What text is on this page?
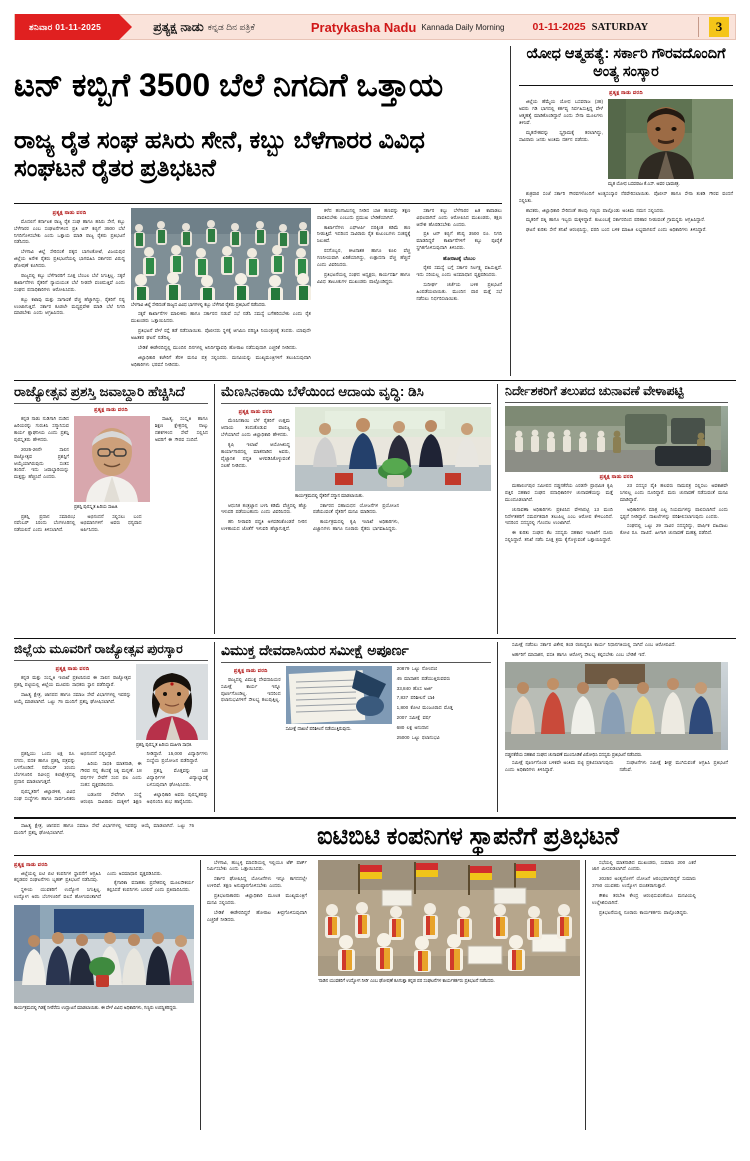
ಶನಿವಾರ 01-11-2025	ಪ್ರತ್ಯಕ್ಷ ನಾಡು ಕನ್ನಡ ದಿನ ಪತ್ರಿಕೆ	Pratykasha Nadu Kannada Daily Morning	01-11-2025 SATURDAY	3
ಟನ್ ಕಬ್ಬಿಗೆ 3500 ಬೆಲೆ ನಿಗದಿಗೆ ಒತ್ತಾಯ
ರಾಜ್ಯ ರೈತ ಸಂಘ ಹಸಿರು ಸೇನೆ, ಕಬ್ಬು ಬೆಳೆಗಾರರ ವಿವಿಧ ಸಂಘಟನೆ ರೈತರ ಪ್ರತಿಭಟನೆ
ಪ್ರತ್ಯಕ್ಷ ನಾಡು ವರದಿ

ಮೊದಲಿಗೆ ಕರ್ನಾಟಕ ರಾಜ್ಯ ರೈತ ಸಂಘ ಹಾಗೂ ಹಸಿರು ಸೇನೆ, ಕಬ್ಬು ಬೆಳೆಗಾರರ ಎಂಬ ಸಂಘಟನೆಗಳಿಂದ ಪ್ರತಿ ಟನ್ ಕಬ್ಬಿಗೆ 3500 ಬೆಲೆ ನಿಗದಿಗೊಳಿಸಬೇಕು ಎಂದು ಒತ್ತಾಯ ಮಾಡಿ ರಾಜ್ಯ ರೈತರು ಪ್ರತಿಭಟನೆ ನಡೆಸಿದರು.

ಬೆಳಗಾವಿ ಜಿಲ್ಲೆ ಸೇರಿದಂತೆ ಪಕ್ಕದ ಬಾಗಲಕೋಟೆ, ವಿಜಯಪುರ ಜಿಲ್ಲೆಯ ಅನೇಕ ರೈತರು ಪ್ರತಿಭಟನೆಯಲ್ಲಿ ಭಾಗವಹಿಸಿ ಸರ್ಕಾರದ ವಿರುದ್ಧ ಘೋಷಣೆ ಕೂಗಿದರು.

ರಾಜ್ಯದಲ್ಲಿ ಕಬ್ಬು ಬೆಳೆಗಾರರಿಗೆ ಸೂಕ್ತ ಬೆಂಬಲ ಬೆಲೆ ಸಿಗುತ್ತಿಲ್ಲ. ಸಕ್ಕರೆ ಕಾರ್ಖಾನೆಗಳು ರೈತರಿಗೆ ನ್ಯಾಯಯುತ ಬೆಲೆ ನೀಡದೇ ವಂಚಿಸುತ್ತಿವೆ ಎಂದು ಸಂಘದ ಪದಾಧಿಕಾರಿಗಳು ಆರೋಪಿಸಿದರು.

ಕಬ್ಬು ಕಟಾವು ಮತ್ತು ಸಾಗಾಣಿಕೆ ವೆಚ್ಚ ಹೆಚ್ಚಾಗಿದ್ದು, ರೈತರಿಗೆ ನಷ್ಟ ಉಂಟಾಗುತ್ತಿದೆ. ಸರ್ಕಾರ ಕೂಡಲೇ ಮಧ್ಯಪ್ರವೇಶ ಮಾಡಿ ಬೆಲೆ ನಿಗದಿ ಮಾಡಬೇಕು ಎಂದು ಆಗ್ರಹಿಸಿದರು.

ಬೆಳಗಾವಿ ಜಿಲ್ಲೆ ಸೇರಿದಂತೆ ರಾಜ್ಯದ ವಿವಿಧ ಭಾಗಗಳಲ್ಲಿ ಕಬ್ಬು ಬೆಳೆಗಾರ ರೈತರು ಪ್ರತಿಭಟನೆ ನಡೆಸಿದರು.

ಸಕ್ಕರೆ ಕಾರ್ಖಾನೆಗಳ ಮಾಲೀಕರು ಹಾಗೂ ಸರ್ಕಾರದ ನಡುವೆ ಸಭೆ ನಡೆಸಿ ಸಮಸ್ಯೆ ಬಗೆಹರಿಸಬೇಕು ಎಂದು ರೈತ ಮುಖಂಡರು ಒತ್ತಾಯಿಸಿದರು.

ಪ್ರತಿಭಟನೆ ವೇಳೆ ರಸ್ತೆ ತಡೆ ನಡೆಸಲಾಯಿತು. ಪೊಲೀಸರು ಸ್ಥಳಕ್ಕೆ ಆಗಮಿಸಿ ಪರಿಸ್ಥಿತಿ ನಿಯಂತ್ರಣಕ್ಕೆ ತಂದರು. ಯಾವುದೇ ಅಹಿತಕರ ಘಟನೆ ನಡೆದಿಲ್ಲ.

ಬೇಡಿಕೆ ಈಡೇರದಿದ್ದಲ್ಲಿ ಮುಂದಿನ ದಿನಗಳಲ್ಲಿ ಅನಿರ್ದಿಷ್ಟಾವಧಿ ಹೋರಾಟ ನಡೆಸುವುದಾಗಿ ಎಚ್ಚರಿಕೆ ನೀಡಿದರು.

ಜಿಲ್ಲಾಧಿಕಾರಿ ಕಚೇರಿಗೆ ತೆರಳಿ ಮನವಿ ಪತ್ರ ಸಲ್ಲಿಸಿದರು. ಮನವಿಯನ್ನು ಮುಖ್ಯಮಂತ್ರಿಗಳಿಗೆ ತಲುಪಿಸುವುದಾಗಿ ಅಧಿಕಾರಿಗಳು ಭರವಸೆ ನೀಡಿದರು.

ಕಳೆದ ಹಂಗಾಮಿನಲ್ಲಿ ನೀಡಿದ ಬಾಕಿ ಹಣವನ್ನು ತಕ್ಷಣ ಪಾವತಿಸಬೇಕು ಎಂಬುದು ಪ್ರಮುಖ ಬೇಡಿಕೆಯಾಗಿದೆ.

ಕಾರ್ಖಾನೆಗಳು ಎಫ್ಆರ್ಪಿ ದರಕ್ಕಿಂತ ಕಡಿಮೆ ಹಣ ನೀಡುತ್ತಿವೆ. ಇದರಿಂದ ಸಾವಿರಾರು ರೈತ ಕುಟುಂಬಗಳು ಸಂಕಷ್ಟಕ್ಕೆ ಸಿಲುಕಿವೆ.

ರಸಗೊಬ್ಬರ, ಕೀಟನಾಶಕ ಹಾಗೂ ಕೂಲಿ ವೆಚ್ಚ ಗಣನೀಯವಾಗಿ ಏರಿಕೆಯಾಗಿದ್ದು, ಉತ್ಪಾದನಾ ವೆಚ್ಚ ಹೆಚ್ಚಿದೆ ಎಂದು ವಿವರಿಸಿದರು.

ಪ್ರತಿಭಟನೆಯಲ್ಲಿ ಸಂಘದ ಅಧ್ಯಕ್ಷರು, ಕಾರ್ಯದರ್ಶಿ ಹಾಗೂ ವಿವಿಧ ತಾಲೂಕುಗಳ ಮುಖಂಡರು ಪಾಲ್ಗೊಂಡಿದ್ದರು.

ಸರ್ಕಾರ ಕಬ್ಬು ಬೆಳೆಗಾರರ ಹಿತ ಕಾಪಾಡಲು ವಿಫಲವಾಗಿದೆ ಎಂದು ಆರೋಪಿಸಿದ ಮುಖಂಡರು, ತಕ್ಷಣ ಆದೇಶ ಹೊರಡಿಸಬೇಕು ಎಂದರು.

ಪ್ರತಿ ಟನ್ ಕಬ್ಬಿಗೆ ಕನಿಷ್ಠ 3500 ರೂ. ನಿಗದಿ ಮಾಡದಿದ್ದರೆ ಕಾರ್ಖಾನೆಗಳಿಗೆ ಕಬ್ಬು ಪೂರೈಕೆ ಸ್ಥಗಿತಗೊಳಿಸುವುದಾಗಿ ತಿಳಿಸಿದರು.

ಹೋರಾಟಕ್ಕೆ ಬೆಂಬಲ

ರೈತರ ಸಮಸ್ಯೆ ಬಗ್ಗೆ ಸರ್ಕಾರ ನಿರ್ಲಕ್ಷ್ಯ ವಹಿಸುತ್ತಿದೆ. ಇದು ಸರಿಯಲ್ಲ ಎಂದು ಅಸಮಾಧಾನ ವ್ಯಕ್ತಪಡಿಸಿದರು.

ಸುದೀರ್ಘ ಚರ್ಚೆಯ ಬಳಿಕ ಪ್ರತಿಭಟನೆ ಹಿಂಪಡೆಯಲಾಯಿತು. ಮುಂದಿನ ವಾರ ಮತ್ತೆ ಸಭೆ ನಡೆಸಲು ನಿರ್ಧರಿಸಲಾಯಿತು.

ಯೋಧ ಆತ್ಮಹತ್ಯೆ: ಸರ್ಕಾರಿ ಗೌರವದೊಂದಿಗೆ ಅಂತ್ಯ ಸಂಸ್ಕಾರ
ಪ್ರತ್ಯಕ್ಷ ನಾಡು ವರದಿ

ಜಿಲ್ಲೆಯ ಹೆಮ್ಮೆಯ ಯೋಧ ಬಸವರಾಜ (38) ಅವರು ಗಡಿ ಭಾಗದಲ್ಲಿ ಕರ್ತವ್ಯ ನಿರ್ವಹಿಸುತ್ತಿದ್ದ ವೇಳೆ ಆತ್ಮಹತ್ಯೆ ಮಾಡಿಕೊಂಡಿದ್ದಾರೆ ಎಂದು ಸೇನಾ ಮೂಲಗಳು ತಿಳಿಸಿವೆ.

ಮೃತದೇಹವನ್ನು ಸ್ವಗ್ರಾಮಕ್ಕೆ ತರಲಾಗಿದ್ದು, ಸಾವಿರಾರು ಜನರು ಅಂತಿಮ ದರ್ಶನ ಪಡೆದರು.

ಮೃತ ಯೋಧ ಬಸವರಾಜ ಕೆ.ಎಸ್. ಅವರ ಭಾವಚಿತ್ರ.

ಶುಕ್ರವಾರ ಸಂಜೆ ಸರ್ಕಾರಿ ಗೌರವಗಳೊಂದಿಗೆ ಅಂತ್ಯಸಂಸ್ಕಾರ ನೆರವೇರಿಸಲಾಯಿತು. ಪೊಲೀಸ್ ಹಾಗೂ ಸೇನಾ ತುಕಡಿ ಗೌರವ ವಂದನೆ ಸಲ್ಲಿಸಿತು.

ಶಾಸಕರು, ಜಿಲ್ಲಾಧಿಕಾರಿ ಸೇರಿದಂತೆ ಹಲವು ಗಣ್ಯರು ಪಾಲ್ಗೊಂಡು ಅಂತಿಮ ನಮನ ಸಲ್ಲಿಸಿದರು.

ಮೃತರಿಗೆ ಪತ್ನಿ ಹಾಗೂ ಇಬ್ಬರು ಮಕ್ಕಳಿದ್ದಾರೆ. ಕುಟುಂಬಕ್ಕೆ ಸರ್ಕಾರದಿಂದ ಪರಿಹಾರ ನೀಡುವಂತೆ ಗ್ರಾಮಸ್ಥರು ಆಗ್ರಹಿಸಿದ್ದಾರೆ.

ಘಟನೆ ಕುರಿತು ಸೇನೆ ತನಿಖೆ ಆರಂಭಿಸಿದ್ದು, ವರದಿ ಬಂದ ಬಳಿಕ ಮಾಹಿತಿ ಲಭ್ಯವಾಗಲಿದೆ ಎಂದು ಅಧಿಕಾರಿಗಳು ತಿಳಿಸಿದ್ದಾರೆ.

ರಾಜ್ಯೋತ್ಸವ ಪ್ರಶಸ್ತಿ ಜವಾಬ್ದಾರಿ ಹೆಚ್ಚಿಸಿದೆ
ಪ್ರತ್ಯಕ್ಷ ನಾಡು ವರದಿ

ಕನ್ನಡ ನಾಡು ನುಡಿಗಾಗಿ ದುಡಿದ ಹಿರಿಯರನ್ನು ಗುರುತಿಸಿ ಸನ್ಮಾನಿಸುವ ಕಾರ್ಯ ಶ್ಲಾಘನೀಯ ಎಂದು ಪ್ರಶಸ್ತಿ ಪುರಸ್ಕೃತರು ಹೇಳಿದರು.

2025-26ನೇ ಸಾಲಿನ ರಾಜ್ಯೋತ್ಸವ ಪ್ರಶಸ್ತಿಗೆ ಆಯ್ಕೆಯಾಗಿರುವುದು ಸಂತಸ ತಂದಿದೆ. ಇದು ಜವಾಬ್ದಾರಿಯನ್ನು ಮತ್ತಷ್ಟು ಹೆಚ್ಚಿಸಿದೆ ಎಂದರು.

ಪ್ರಶಸ್ತಿ ಪುರಸ್ಕೃತ ಹಿರಿಯ ಸಾಹಿತಿ.

ಸಾಹಿತ್ಯ, ಸಂಸ್ಕೃತಿ ಹಾಗೂ ಶಿಕ್ಷಣ ಕ್ಷೇತ್ರದಲ್ಲಿ ನಾಲ್ಕು ದಶಕಗಳಿಂದ ಸೇವೆ ಸಲ್ಲಿಸಿದ ಅವರಿಗೆ ಈ ಗೌರವ ಸಂದಿದೆ.

ಪ್ರಶಸ್ತಿ ಪ್ರದಾನ ಸಮಾರಂಭ ನವೆಂಬರ್ 1ರಂದು ಬೆಂಗಳೂರಿನಲ್ಲಿ ನಡೆಯಲಿದೆ ಎಂದು ತಿಳಿಸಲಾಗಿದೆ.

ಅಭಿನಂದನೆ ಸಲ್ಲಿಸಲು ಬಂದ ಅಭಿಮಾನಿಗಳಿಗೆ ಅವರು ಧನ್ಯವಾದ ಅರ್ಪಿಸಿದರು.

ಮೆಣಸಿನಕಾಯಿ ಬೆಳೆಯಿಂದ ಆದಾಯ ವೃದ್ಧಿ: ಡಿಸಿ
ಪ್ರತ್ಯಕ್ಷ ನಾಡು ವರದಿ

ಮೆಣಸಿನಕಾಯಿ ಬೆಳೆ ರೈತರಿಗೆ ಉತ್ತಮ ಆದಾಯ ತಂದುಕೊಡುವ ವಾಣಿಜ್ಯ ಬೆಳೆಯಾಗಿದೆ ಎಂದು ಜಿಲ್ಲಾಧಿಕಾರಿ ಹೇಳಿದರು.

ಕೃಷಿ ಇಲಾಖೆ ಆಯೋಜಿಸಿದ್ದ ಕಾರ್ಯಾಗಾರದಲ್ಲಿ ಮಾತನಾಡಿದ ಅವರು, ವೈಜ್ಞಾನಿಕ ಪದ್ಧತಿ ಅಳವಡಿಸಿಕೊಳ್ಳುವಂತೆ ಸಲಹೆ ನೀಡಿದರು.

ಕಾರ್ಯಕ್ರಮದಲ್ಲಿ ರೈತರಿಗೆ ಸನ್ಮಾನ ಮಾಡಲಾಯಿತು.

ಆಧುನಿಕ ತಂತ್ರಜ್ಞಾನ ಬಳಸಿ ಕಡಿಮೆ ವೆಚ್ಚದಲ್ಲಿ ಹೆಚ್ಚು ಇಳುವರಿ ಪಡೆಯಬಹುದು ಎಂದು ವಿವರಿಸಿದರು.

ಹನಿ ನೀರಾವರಿ ಪದ್ಧತಿ ಅಳವಡಿಸಿಕೊಂಡರೆ ನೀರಿನ ಉಳಿತಾಯದ ಜೊತೆಗೆ ಇಳುವರಿ ಹೆಚ್ಚಾಗುತ್ತದೆ.

ಸರ್ಕಾರದ ಸಹಾಯಧನ ಯೋಜನೆಗಳ ಪ್ರಯೋಜನ ಪಡೆಯುವಂತೆ ರೈತರಿಗೆ ಮನವಿ ಮಾಡಿದರು.

ಕಾರ್ಯಕ್ರಮದಲ್ಲಿ ಕೃಷಿ ಇಲಾಖೆ ಅಧಿಕಾರಿಗಳು, ವಿಜ್ಞಾನಿಗಳು ಹಾಗೂ ನೂರಾರು ರೈತರು ಭಾಗವಹಿಸಿದ್ದರು.

ನಿರ್ದೇಶಕರಿಗೆ ತಲುಪದ ಚುನಾವಣೆ ವೇಳಾಪಟ್ಟಿ
ಪ್ರತ್ಯಕ್ಷ ನಾಡು ವರದಿ

ಮಹಾಲಿಂಗಪುರ ಸಮೀಪದ ದಡ್ಡನಕೆರೆಯ ಎರಡನೇ ಪ್ರಾಥಮಿಕ ಕೃಷಿ ಪತ್ತಿನ ಸಹಕಾರ ಸಂಘದ ಪದಾಧಿಕಾರಿಗಳ ಚುನಾವಣೆಯನ್ನು ಮತ್ತೆ ಮುಂದೂಡಲಾಗಿದೆ.

ಚುನಾವಣಾ ಅಧಿಕಾರಿಗಳು ಪ್ರಕಟಿಸಿದ ವೇಳಾಪಟ್ಟಿ 13 ಮಂದಿ ನಿರ್ದೇಶಕರಿಗೆ ಸಮರ್ಪಕವಾಗಿ ತಲುಪಿಲ್ಲ ಎಂಬ ಆರೋಪ ಕೇಳಿಬಂದಿದೆ. ಇದರಿಂದ ಸದಸ್ಯರಲ್ಲಿ ಗೊಂದಲ ಉಂಟಾಗಿದೆ.

ಈ ಕುರಿತು ಸಂಘದ ಕೆಲ ಸದಸ್ಯರು ಸಹಕಾರ ಇಲಾಖೆಗೆ ದೂರು ಸಲ್ಲಿಸಿದ್ದಾರೆ. ತನಿಖೆ ನಡೆಸಿ ಸೂಕ್ತ ಕ್ರಮ ಕೈಗೊಳ್ಳುವಂತೆ ಒತ್ತಾಯಿಸಿದ್ದಾರೆ.

23 ಸದಸ್ಯರ ಪೈಕಿ ಹಲವರು ನಾಮಪತ್ರ ಸಲ್ಲಿಸಲು ಅವಕಾಶವೇ ಸಿಗಲಿಲ್ಲ ಎಂದು ದೂರಿದ್ದಾರೆ. ಮರು ಚುನಾವಣೆ ನಡೆಸುವಂತೆ ಮನವಿ ಮಾಡಿದ್ದಾರೆ.

ಅಧಿಕಾರಿಗಳು ಮಾತ್ರ ಎಲ್ಲ ನಿಯಮಗಳನ್ನು ಪಾಲಿಸಲಾಗಿದೆ ಎಂದು ಸ್ಪಷ್ಟನೆ ನೀಡಿದ್ದಾರೆ. ದಾಖಲೆಗಳನ್ನು ಪರಿಶೀಲಿಸಲಾಗುವುದು ಎಂದರು.

ಸಂಘದಲ್ಲಿ ಒಟ್ಟು 29 ಸಾವಿರ ಸದಸ್ಯರಿದ್ದು, ವಾರ್ಷಿಕ ವಹಿವಾಟು ಕೋಟಿ ರೂ. ದಾಟಿದೆ. ಹೀಗಾಗಿ ಚುನಾವಣೆ ಮಹತ್ವ ಪಡೆದಿದೆ.

ಜಿಲ್ಲೆಯ ಮೂವರಿಗೆ ರಾಜ್ಯೋತ್ಸವ ಪುರಸ್ಕಾರ
ಪ್ರತ್ಯಕ್ಷ ನಾಡು ವರದಿ

ಕನ್ನಡ ಮತ್ತು ಸಂಸ್ಕೃತಿ ಇಲಾಖೆ ಪ್ರಕಟಿಸಿರುವ ಈ ಸಾಲಿನ ರಾಜ್ಯೋತ್ಸವ ಪ್ರಶಸ್ತಿ ಪಟ್ಟಿಯಲ್ಲಿ ಜಿಲ್ಲೆಯ ಮೂವರು ಸಾಧಕರು ಸ್ಥಾನ ಪಡೆದಿದ್ದಾರೆ.

ಸಾಹಿತ್ಯ ಕ್ಷೇತ್ರ, ಜಾನಪದ ಹಾಗೂ ಸಮಾಜ ಸೇವೆ ವಿಭಾಗಗಳಲ್ಲಿ ಇವರನ್ನು ಆಯ್ಕೆ ಮಾಡಲಾಗಿದೆ. ಒಟ್ಟು 75 ಮಂದಿಗೆ ಪ್ರಶಸ್ತಿ ಘೋಷಿಸಲಾಗಿದೆ.

ಪ್ರಶಸ್ತಿ ಪುರಸ್ಕೃತ ಹಿರಿಯ ಮಹಿಳಾ ಸಾಧಕಿ.

ಪ್ರಶಸ್ತಿಯು ಒಂದು ಲಕ್ಷ ರೂ. ನಗದು, ಪದಕ ಹಾಗೂ ಪ್ರಶಸ್ತಿ ಪತ್ರವನ್ನು ಒಳಗೊಂಡಿದೆ. ನವೆಂಬರ್ 1ರಂದು ಬೆಂಗಳೂರಿನ ರವೀಂದ್ರ ಕಲಾಕ್ಷೇತ್ರದಲ್ಲಿ ಪ್ರದಾನ ಮಾಡಲಾಗುತ್ತದೆ.

ಪುರಸ್ಕೃತರಿಗೆ ಜಿಲ್ಲಾಡಳಿತ, ವಿವಿಧ ಸಂಘ ಸಂಸ್ಥೆಗಳು ಹಾಗೂ ಸಾರ್ವಜನಿಕರು ಅಭಿನಂದನೆ ಸಲ್ಲಿಸಿದ್ದಾರೆ.

ಹಿರಿಯ ಸಾಧಕಿ ಮಾತನಾಡಿ, ಈ ಗೌರವ ನನ್ನ ಕೆಲಸಕ್ಕೆ ಸಿಕ್ಕ ಮನ್ನಣೆ. 18 ವರ್ಷಗಳ ಸೇವೆಗೆ ಸಂದ ಫಲ ಎಂದು ಸಂತಸ ವ್ಯಕ್ತಪಡಿಸಿದರು.

ಬಡಜನರ ಸೇವೆಗಾಗಿ ಸಂಸ್ಥೆ ಆರಂಭಿಸಿ ಸಾವಿರಾರು ಮಕ್ಕಳಿಗೆ ಶಿಕ್ಷಣ ನೀಡಿದ್ದಾರೆ. 15,000 ವಿದ್ಯಾರ್ಥಿಗಳು ಸಂಸ್ಥೆಯ ಪ್ರಯೋಜನ ಪಡೆದಿದ್ದಾರೆ.

ಪ್ರಶಸ್ತಿ ಮೊತ್ತವನ್ನು ಬಡ ವಿದ್ಯಾರ್ಥಿಗಳ ವಿದ್ಯಾಭ್ಯಾಸಕ್ಕೆ ಬಳಸುವುದಾಗಿ ಘೋಷಿಸಿದರು.

ಜಿಲ್ಲಾಧಿಕಾರಿ ಅವರು ಪುರಸ್ಕೃತರನ್ನು ಅಭಿನಂದಿಸಿ ಶುಭ ಹಾರೈಸಿದರು.

ವಿಮುಕ್ತ ದೇವದಾಸಿಯರ ಸಮೀಕ್ಷೆ ಅಪೂರ್ಣ
ಪ್ರತ್ಯಕ್ಷ ನಾಡು ವರದಿ

ರಾಜ್ಯದಲ್ಲಿ ವಿಮುಕ್ತ ದೇವದಾಸಿಯರ ಸಮೀಕ್ಷೆ ಕಾರ್ಯ ಇನ್ನೂ ಪೂರ್ಣಗೊಂಡಿಲ್ಲ. ಇದರಿಂದ ಫಲಾನುಭವಿಗಳಿಗೆ ಸೌಲಭ್ಯ ತಲುಪುತ್ತಿಲ್ಲ.

ಸಮೀಕ್ಷೆ ದಾಖಲೆ ಪರಿಶೀಲನೆ ನಡೆಯುತ್ತಿರುವುದು.

20879 ಒಟ್ಟು ನೋಂದಣಿ

45 ಮಾಸಾಶನ ಪಡೆಯುತ್ತಿರುವವರು

33,840 ಹೊಸ ಅರ್ಜಿ

7,837 ಪರಿಶೀಲನೆ ಬಾಕಿ

1,800 ಕೋಟಿ ಮಂಜೂರಾದ ಮೊತ್ತ

2007 ಸಮೀಕ್ಷೆ ವರ್ಷ

680 ಲಕ್ಷ ಅನುದಾನ

25000 ಒಟ್ಟು ಫಲಾನುಭವಿ

ಸಮೀಕ್ಷೆ ನಡೆಸಲು ಸರ್ಕಾರ ವಿಶೇಷ ತಂಡ ರಚಿಸಿದ್ದರೂ ಕಾರ್ಯ ನಿಧಾನಗತಿಯಲ್ಲಿ ಸಾಗಿದೆ ಎಂಬ ಆರೋಪವಿದೆ.

ಅರ್ಹರಿಗೆ ಮಾಸಾಶನ, ವಸತಿ ಹಾಗೂ ಆರೋಗ್ಯ ಸೌಲಭ್ಯ ಕಲ್ಪಿಸಬೇಕು ಎಂಬ ಬೇಡಿಕೆ ಇದೆ.

ದಡ್ಡನಕೆರೆಯ ಸಹಕಾರ ಸಂಘದ ಚುನಾವಣೆ ಮುಂದೂಡಿಕೆ ವಿರೋಧಿಸಿ ಸದಸ್ಯರು ಪ್ರತಿಭಟನೆ ನಡೆಸಿದರು.

ಸಮೀಕ್ಷೆ ಪೂರ್ಣಗೊಂಡ ಬಳಿಕವೇ ಅಂತಿಮ ಪಟ್ಟಿ ಪ್ರಕಟಿಸಲಾಗುವುದು ಎಂದು ಅಧಿಕಾರಿಗಳು ತಿಳಿಸಿದ್ದಾರೆ.

ಸಂಘಟನೆಗಳು ಸಮೀಕ್ಷೆ ಶೀಘ್ರ ಮುಗಿಸುವಂತೆ ಆಗ್ರಹಿಸಿ ಪ್ರತಿಭಟನೆ ನಡೆಸಿವೆ.

ಸಾಹಿತ್ಯ ಕ್ಷೇತ್ರ, ಜಾನಪದ ಹಾಗೂ ಸಮಾಜ ಸೇವೆ ವಿಭಾಗಗಳಲ್ಲಿ ಇವರನ್ನು ಆಯ್ಕೆ ಮಾಡಲಾಗಿದೆ. ಒಟ್ಟು 75 ಮಂದಿಗೆ ಪ್ರಶಸ್ತಿ ಘೋಷಿಸಲಾಗಿದೆ.	ಐಟಿಬಿಟಿ ಕಂಪನಿಗಳ ಸ್ಥಾಪನೆಗೆ ಪ್ರತಿಭಟನೆ
ಪ್ರತ್ಯಕ್ಷ ನಾಡು ವರದಿ

ಜಿಲ್ಲೆಯಲ್ಲಿ ಐಟಿ ಬಿಟಿ ಕಂಪನಿಗಳ ಸ್ಥಾಪನೆಗೆ ಆಗ್ರಹಿಸಿ ಕನ್ನಡಪರ ಸಂಘಟನೆಗಳು ಬೃಹತ್ ಪ್ರತಿಭಟನೆ ನಡೆಸಿದವು.

ಸ್ಥಳೀಯ ಯುವಕರಿಗೆ ಉದ್ಯೋಗ ಸಿಗುತ್ತಿಲ್ಲ. ಉದ್ಯೋಗ ಅರಸಿ ಬೆಂಗಳೂರಿಗೆ ವಲಸೆ ಹೋಗುವಂತಾಗಿದೆ ಎಂದು ಅಸಮಾಧಾನ ವ್ಯಕ್ತಪಡಿಸಿದರು.

ಕೈಗಾರಿಕಾ ವಸಾಹತು ಪ್ರದೇಶದಲ್ಲಿ ಮೂಲಸೌಕರ್ಯ ಕಲ್ಪಿಸಿದರೆ ಕಂಪನಿಗಳು ಬರಲಿವೆ ಎಂದು ಪ್ರತಿಪಾದಿಸಿದರು.

ಕಾರ್ಯಕ್ರಮದಲ್ಲಿ ಗಿಡಕ್ಕೆ ನೀರೆರೆದು ಉದ್ಘಾಟನೆ ಮಾಡಲಾಯಿತು. ಈ ವೇಳೆ ವಿವಿಧ ಅಧಿಕಾರಿಗಳು, ಗಣ್ಯರು ಉಪಸ್ಥಿತರಿದ್ದರು.

ಬೆಳಗಾವಿ, ಹುಬ್ಬಳ್ಳಿ ಮಾದರಿಯಲ್ಲಿ ಇಲ್ಲಿಯೂ ಟೆಕ್ ಪಾರ್ಕ್ ನಿರ್ಮಿಸಬೇಕು ಎಂದು ಒತ್ತಾಯಿಸಿದರು.

ಸರ್ಕಾರ ಘೋಷಿಸಿದ್ದ ಯೋಜನೆಗಳು ಇನ್ನೂ ಕಾಗದದಲ್ಲೇ ಉಳಿದಿವೆ. ತಕ್ಷಣ ಅನುಷ್ಠಾನಗೊಳಿಸಬೇಕು ಎಂದರು.

ಪ್ರತಿಭಟನಾಕಾರರು ಜಿಲ್ಲಾಧಿಕಾರಿ ಮೂಲಕ ಮುಖ್ಯಮಂತ್ರಿಗೆ ಮನವಿ ಸಲ್ಲಿಸಿದರು.

ಬೇಡಿಕೆ ಈಡೇರದಿದ್ದರೆ ಹೋರಾಟ ತೀವ್ರಗೊಳಿಸುವುದಾಗಿ ಎಚ್ಚರಿಕೆ ನೀಡಿದರು.

'ನಾಡಿನ ಯುವಕರಿಗೆ ಉದ್ಯೋಗ ನೀಡಿ' ಎಂಬ ಘೋಷಣೆ ಕೂಗುತ್ತಾ ಕನ್ನಡ ಪರ ಸಂಘಟನೆಗಳ ಕಾರ್ಯಕರ್ತರು ಪ್ರತಿಭಟನೆ ನಡೆಸಿದರು.

ಸಭೆಯಲ್ಲಿ ಮಾತನಾಡಿದ ಮುಖಂಡರು, ಸುಮಾರು 200 ಎಕರೆ ಜಾಗ ಮೀಸಲಿಡಲಾಗಿದೆ ಎಂದರು.

2025ರ ಅಂತ್ಯದೊಳಗೆ ಯೋಜನೆ ಆರಂಭವಾಗದಿದ್ದರೆ ಸುಮಾರು 3750 ಯುವಕರು ಉದ್ಯೋಗ ವಂಚಿತರಾಗುತ್ತಾರೆ.

ಕೌಶಲ ತರಬೇತಿ ಕೇಂದ್ರ ಆರಂಭಿಸುವಂತೆಯೂ ಮನವಿಯಲ್ಲಿ ಉಲ್ಲೇಖಿಸಲಾಗಿದೆ.

ಪ್ರತಿಭಟನೆಯಲ್ಲಿ ನೂರಾರು ಕಾರ್ಯಕರ್ತರು ಪಾಲ್ಗೊಂಡಿದ್ದರು.
